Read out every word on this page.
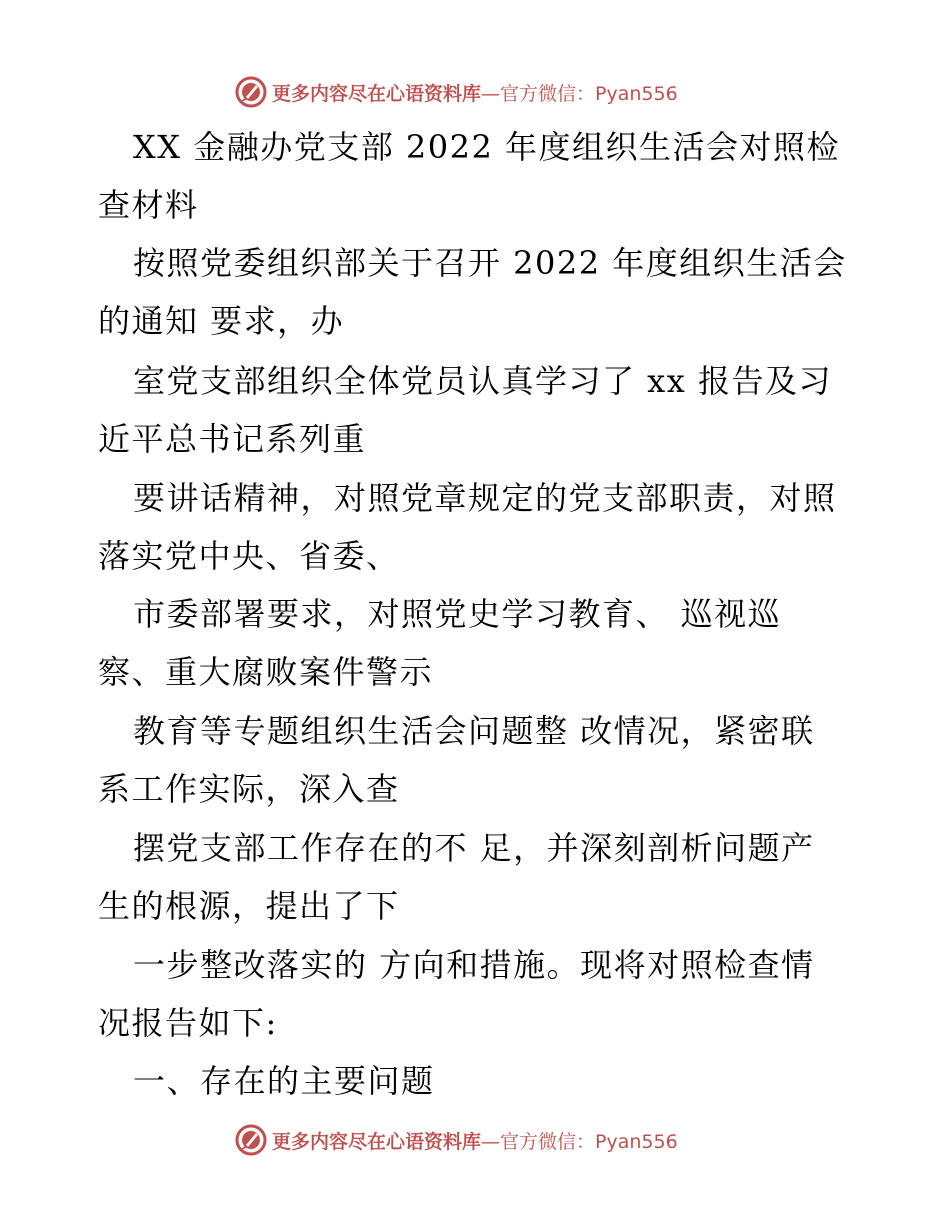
更多内容尽在心语资料库 —官方微信：Pyan556
XX 金融办党支部 2022 年度组织生活会对照检
查材料
按照党委组织部关于召开 2022 年度组织生活会
的通知 要求，办
室党支部组织全体党员认真学习了 xx 报告及习
近平总书记系列重
要讲话精神，对照党章规定的党支部职责，对照
落实党中央、省委、
市委部署要求，对照党史学习教育、 巡视巡
察、重大腐败案件警示
教育等专题组织生活会问题整 改情况，紧密联
系工作实际，深入查
摆党支部工作存在的不 足，并深刻剖析问题产
生的根源，提出了下
一步整改落实的 方向和措施。现将对照检查情
况报告如下:
一、存在的主要问题
更多内容尽在心语资料库 —官方微信：Pyan556
